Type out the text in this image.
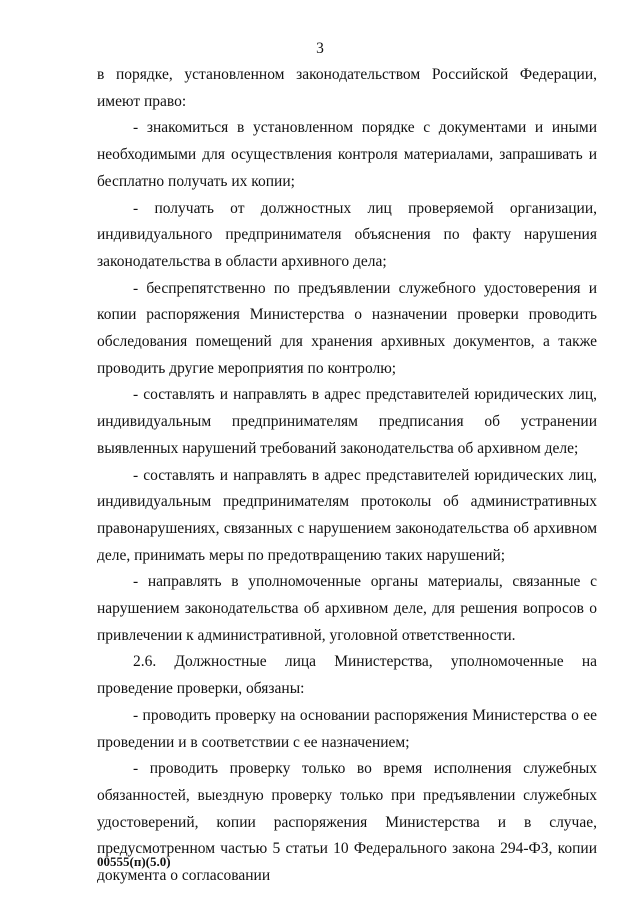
3

в порядке, установленном законодательством Российской Федерации, имеют право:

- знакомиться в установленном порядке с документами и иными необходимыми для осуществления контроля материалами, запрашивать и бесплатно получать их копии;

- получать от должностных лиц проверяемой организации, индивидуального предпринимателя объяснения по факту нарушения законодательства в области архивного дела;

- беспрепятственно по предъявлении служебного удостоверения и копии распоряжения Министерства о назначении проверки проводить обследования помещений для хранения архивных документов, а также проводить другие мероприятия по контролю;

- составлять и направлять в адрес представителей юридических лиц, индивидуальным предпринимателям предписания об устранении выявленных нарушений требований законодательства об архивном деле;

- составлять и направлять в адрес представителей юридических лиц, индивидуальным предпринимателям протоколы об административных правонарушениях, связанных с нарушением законодательства об архивном деле, принимать меры по предотвращению таких нарушений;

- направлять в уполномоченные органы материалы, связанные с нарушением законодательства об архивном деле, для решения вопросов о привлечении к административной, уголовной ответственности.

2.6. Должностные лица Министерства, уполномоченные на проведение проверки, обязаны:

- проводить проверку на основании распоряжения Министерства о ее проведении и в соответствии с ее назначением;

- проводить проверку только во время исполнения служебных обязанностей, выездную проверку только при предъявлении служебных удостоверений, копии распоряжения Министерства и в случае, предусмотренном частью 5 статьи 10 Федерального закона 294-ФЗ, копии документа о согласовании

00555(п)(5.0)
